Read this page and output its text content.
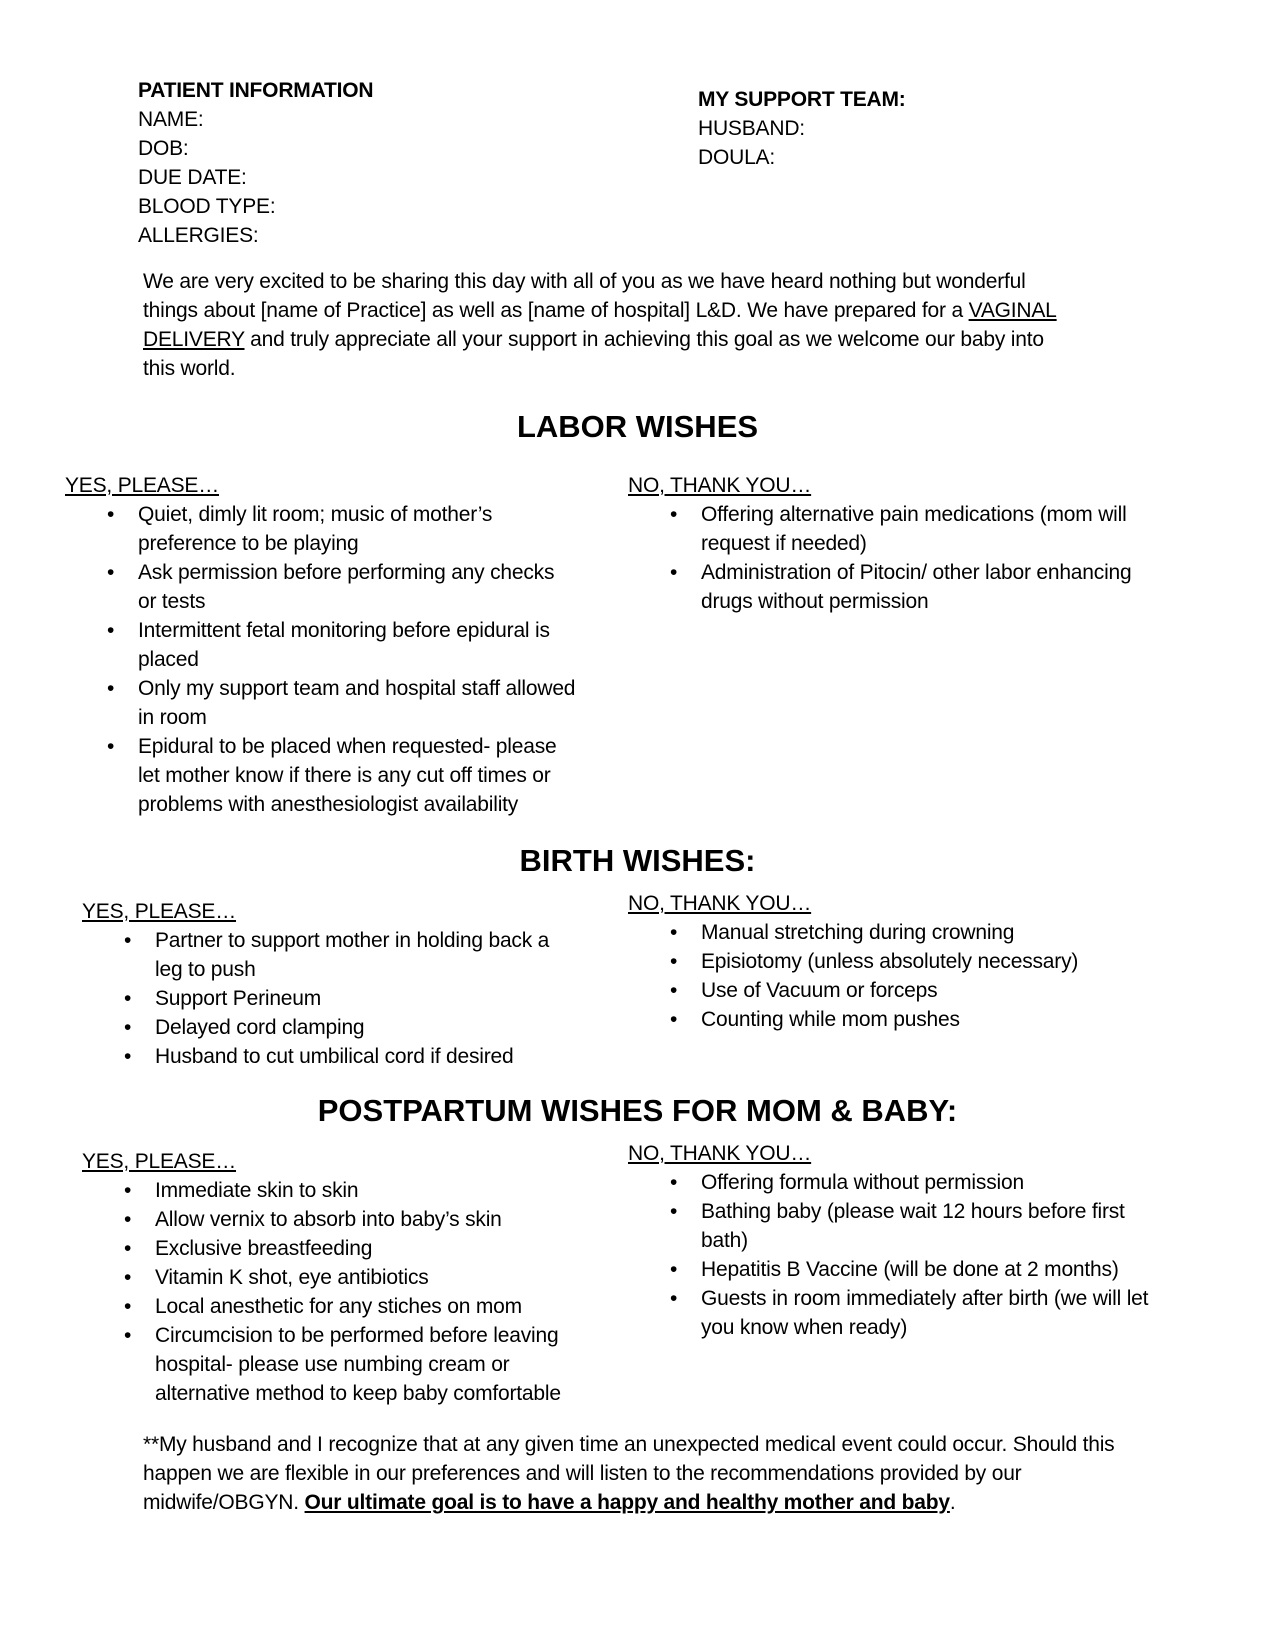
PATIENT INFORMATION
NAME:
DOB:
DUE DATE:
BLOOD TYPE:
ALLERGIES:
MY SUPPORT TEAM:
HUSBAND:
DOULA:

We are very excited to be sharing this day with all of you as we have heard nothing but wonderful things about [name of Practice] as well as [name of hospital] L&D. We have prepared for a VAGINAL DELIVERY and truly appreciate all your support in achieving this goal as we welcome our baby into this world.

LABOR WISHES
YES, PLEASE…
• Quiet, dimly lit room; music of mother’s preference to be playing
• Ask permission before performing any checks or tests
• Intermittent fetal monitoring before epidural is placed
• Only my support team and hospital staff allowed in room
• Epidural to be placed when requested- please let mother know if there is any cut off times or problems with anesthesiologist availability
NO, THANK YOU…
• Offering alternative pain medications (mom will request if needed)
• Administration of Pitocin/ other labor enhancing drugs without permission
BIRTH WISHES:
YES, PLEASE…
• Partner to support mother in holding back a leg to push
• Support Perineum
• Delayed cord clamping
• Husband to cut umbilical cord if desired
NO, THANK YOU…
• Manual stretching during crowning
• Episiotomy (unless absolutely necessary)
• Use of Vacuum or forceps
• Counting while mom pushes
POSTPARTUM WISHES FOR MOM & BABY:
YES, PLEASE…
• Immediate skin to skin
• Allow vernix to absorb into baby’s skin
• Exclusive breastfeeding
• Vitamin K shot, eye antibiotics
• Local anesthetic for any stiches on mom
• Circumcision to be performed before leaving hospital- please use numbing cream or alternative method to keep baby comfortable
NO, THANK YOU…
• Offering formula without permission
• Bathing baby (please wait 12 hours before first bath)
• Hepatitis B Vaccine (will be done at 2 months)
• Guests in room immediately after birth (we will let you know when ready)

**My husband and I recognize that at any given time an unexpected medical event could occur. Should this happen we are flexible in our preferences and will listen to the recommendations provided by our midwife/OBGYN. Our ultimate goal is to have a happy and healthy mother and baby.
